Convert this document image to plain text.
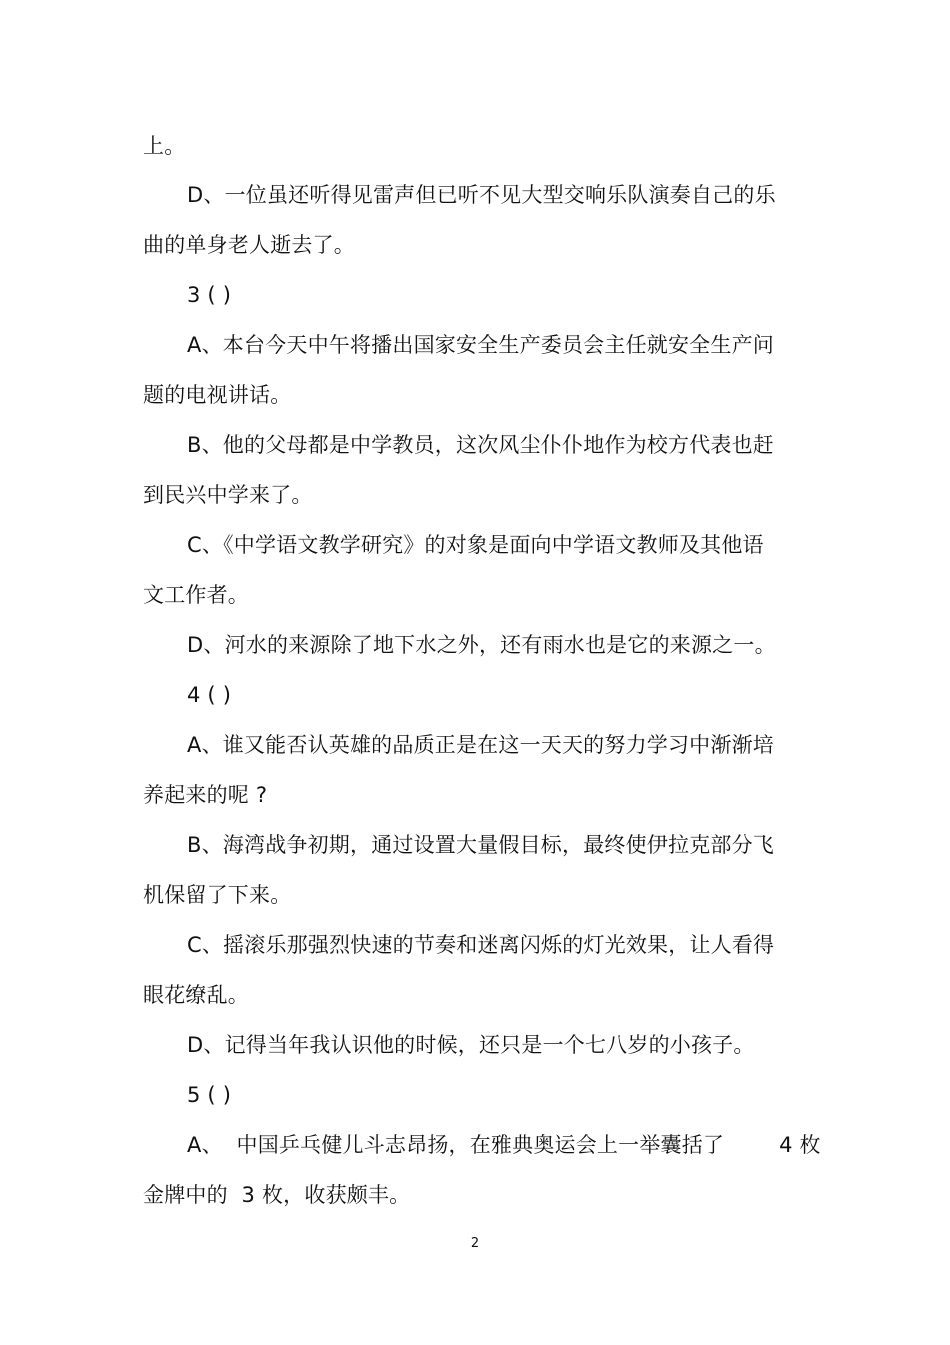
上。
D、一位虽还听得见雷声但已听不见大型交响乐队演奏自己的乐
曲的单身老人逝去了。
3 ( )
A、本台今天中午将播出国家安全生产委员会主任就安全生产问
题的电视讲话。
B、他的父母都是中学教员，这次风尘仆仆地作为校方代表也赶
到民兴中学来了。
C、《中学语文教学研究》的对象是面向中学语文教师及其他语
文工作者。
D、河水的来源除了地下水之外，还有雨水也是它的来源之一。
4 ( )
A、谁又能否认英雄的品质正是在这一天天的努力学习中渐渐培
养起来的呢 ?
B、海湾战争初期，通过设置大量假目标，最终使伊拉克部分飞
机保留了下来。
C、摇滚乐那强烈快速的节奏和迷离闪烁的灯光效果，让人看得
眼花缭乱。
D、记得当年我认识他的时候，还只是一个七八岁的小孩子。
5 ( )
A、  中国乒乓健儿斗志昂扬，在雅典奥运会上一举囊括了        4 枚
金牌中的  3 枚，收获颇丰。
2
